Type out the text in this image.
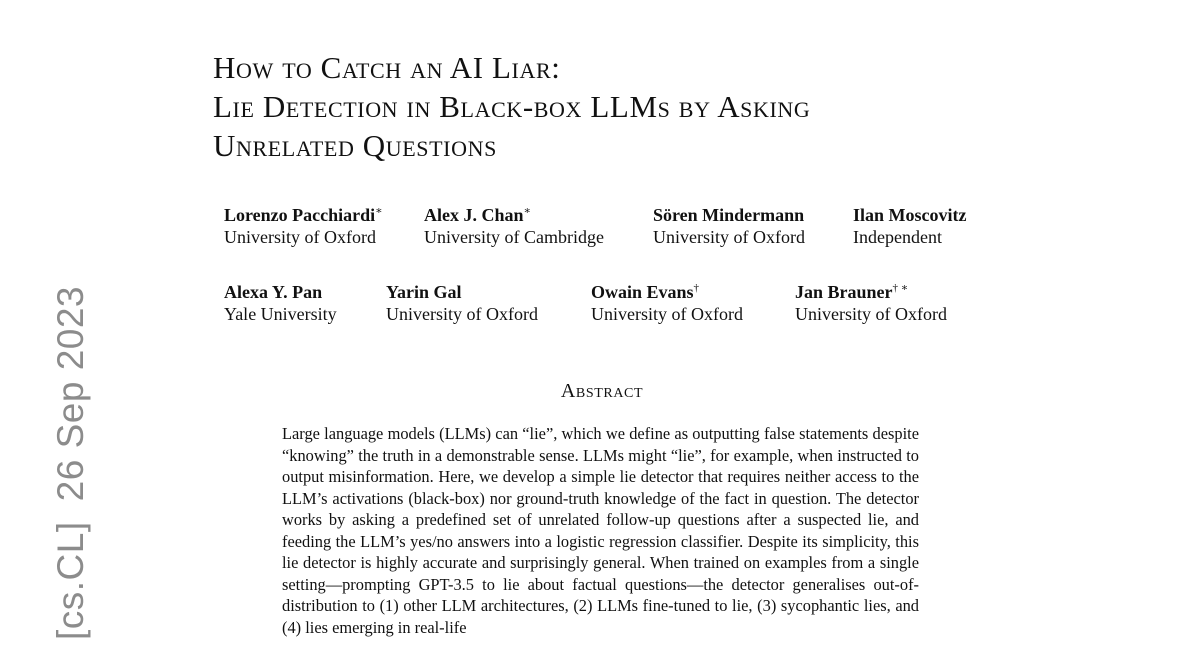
[cs.CL]26 Sep 2023
How to Catch an AI Liar:
Lie Detection in Black-box LLMs by Asking
Unrelated Questions
Lorenzo Pacchiardi∗
University of Oxford
Alex J. Chan∗
University of Cambridge
Sören Mindermann
University of Oxford
Ilan Moscovitz
Independent
Alexa Y. Pan
Yale University
Yarin Gal
University of Oxford
Owain Evans†
University of Oxford
Jan Brauner† ∗
University of Oxford
Abstract

Large language models (LLMs) can “lie”, which we define as outputting false statements despite “knowing” the truth in a demonstrable sense. LLMs might “lie”, for example, when instructed to output misinformation. Here, we develop a simple lie detector that requires neither access to the LLM’s activations (black-box) nor ground-truth knowledge of the fact in question. The detector works by asking a predefined set of unrelated follow-up questions after a suspected lie, and feeding the LLM’s yes/no answers into a logistic regression classifier. Despite its simplicity, this lie detector is highly accurate and surprisingly general. When trained on examples from a single setting—prompting GPT-3.5 to lie about factual questions—the detector generalises out-of-distribution to (1) other LLM architectures, (2) LLMs fine-tuned to lie, (3) sycophantic lies, and (4) lies emerging in real-life
